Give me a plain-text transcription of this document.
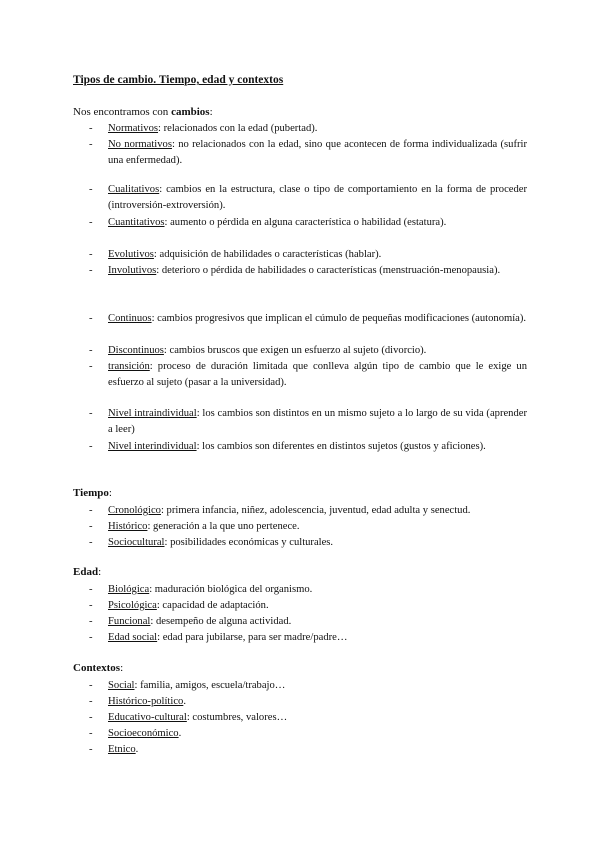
Tipos de cambio. Tiempo, edad y contextos
Nos encontramos con cambios:
-	Normativos: relacionados con la edad (pubertad).
-	No normativos: no relacionados con la edad, sino que acontecen de forma individualizada (sufrir una enfermedad).
-	Cualitativos: cambios en la estructura, clase o tipo de comportamiento en la forma de proceder (introversión-extroversión).
-	Cuantitativos: aumento o pérdida en alguna característica o habilidad (estatura).
-	Evolutivos: adquisición de habilidades o características (hablar).
-	Involutivos: deterioro o pérdida de habilidades o características (menstruación-menopausia).
-	Continuos: cambios progresivos que implican el cúmulo de pequeñas modificaciones (autonomía).
-	Discontinuos: cambios bruscos que exigen un esfuerzo al sujeto (divorcio).
-	transición: proceso de duración limitada que conlleva algún tipo de cambio que le exige un esfuerzo al sujeto (pasar a la universidad).
-	Nivel intraindividual: los cambios son distintos en un mismo sujeto a lo largo de su vida (aprender a leer)
-	Nivel interindividual: los cambios son diferentes en distintos sujetos (gustos y aficiones).
Tiempo:
-	Cronológico: primera infancia, niñez, adolescencia, juventud, edad adulta y senectud.
-	Histórico: generación a la que uno pertenece.
-	Sociocultural: posibilidades económicas y culturales.
Edad:
-	Biológica: maduración biológica del organismo.
-	Psicológica: capacidad de adaptación.
-	Funcional: desempeño de alguna actividad.
-	Edad social: edad para jubilarse, para ser madre/padre…
Contextos:
-	Social: familia, amigos, escuela/trabajo…
-	Histórico-político.
-	Educativo-cultural: costumbres, valores…
-	Socioeconómico.
-	Etnico.
